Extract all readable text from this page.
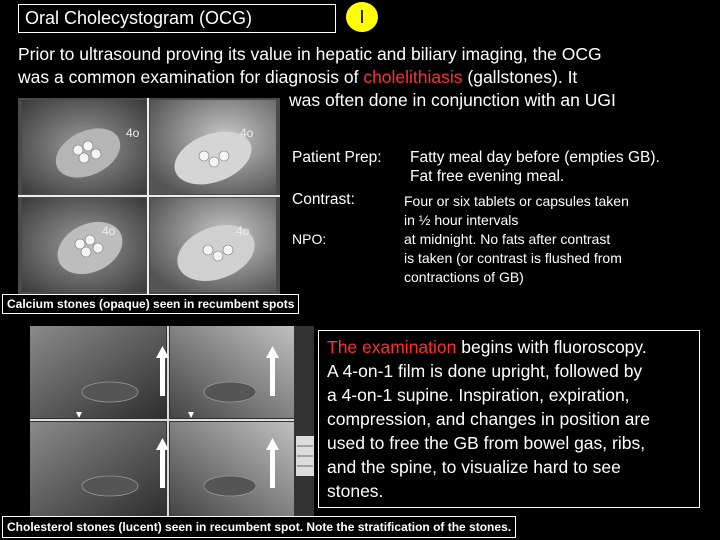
Oral Cholecystogram (OCG)	I
Prior to ultrasound proving its value in hepatic and biliary imaging, the OCG
was a common examination for diagnosis of cholelithiasis (gallstones). It
was often done in conjunction with an UGI
4o	4o
4o	4o
Patient Prep: Fatty meal day before (empties GB).
Fat free evening meal.
Contrast:	Four or six tablets or capsules taken
in ½ hour intervals
NPO:	at midnight. No fats after contrast
is taken (or contrast is flushed from
contractions of GB)
Calcium stones (opaque) seen in recumbent spots
The examination begins with fluoroscopy.
A 4-on-1 film is done upright, followed by
a 4-on-1 supine. Inspiration, expiration,
compression, and changes in position are
used to free the GB from bowel gas, ribs,
and the spine, to visualize hard to see
stones.
Cholesterol stones (lucent) seen in recumbent spot. Note the stratification of the stones.
